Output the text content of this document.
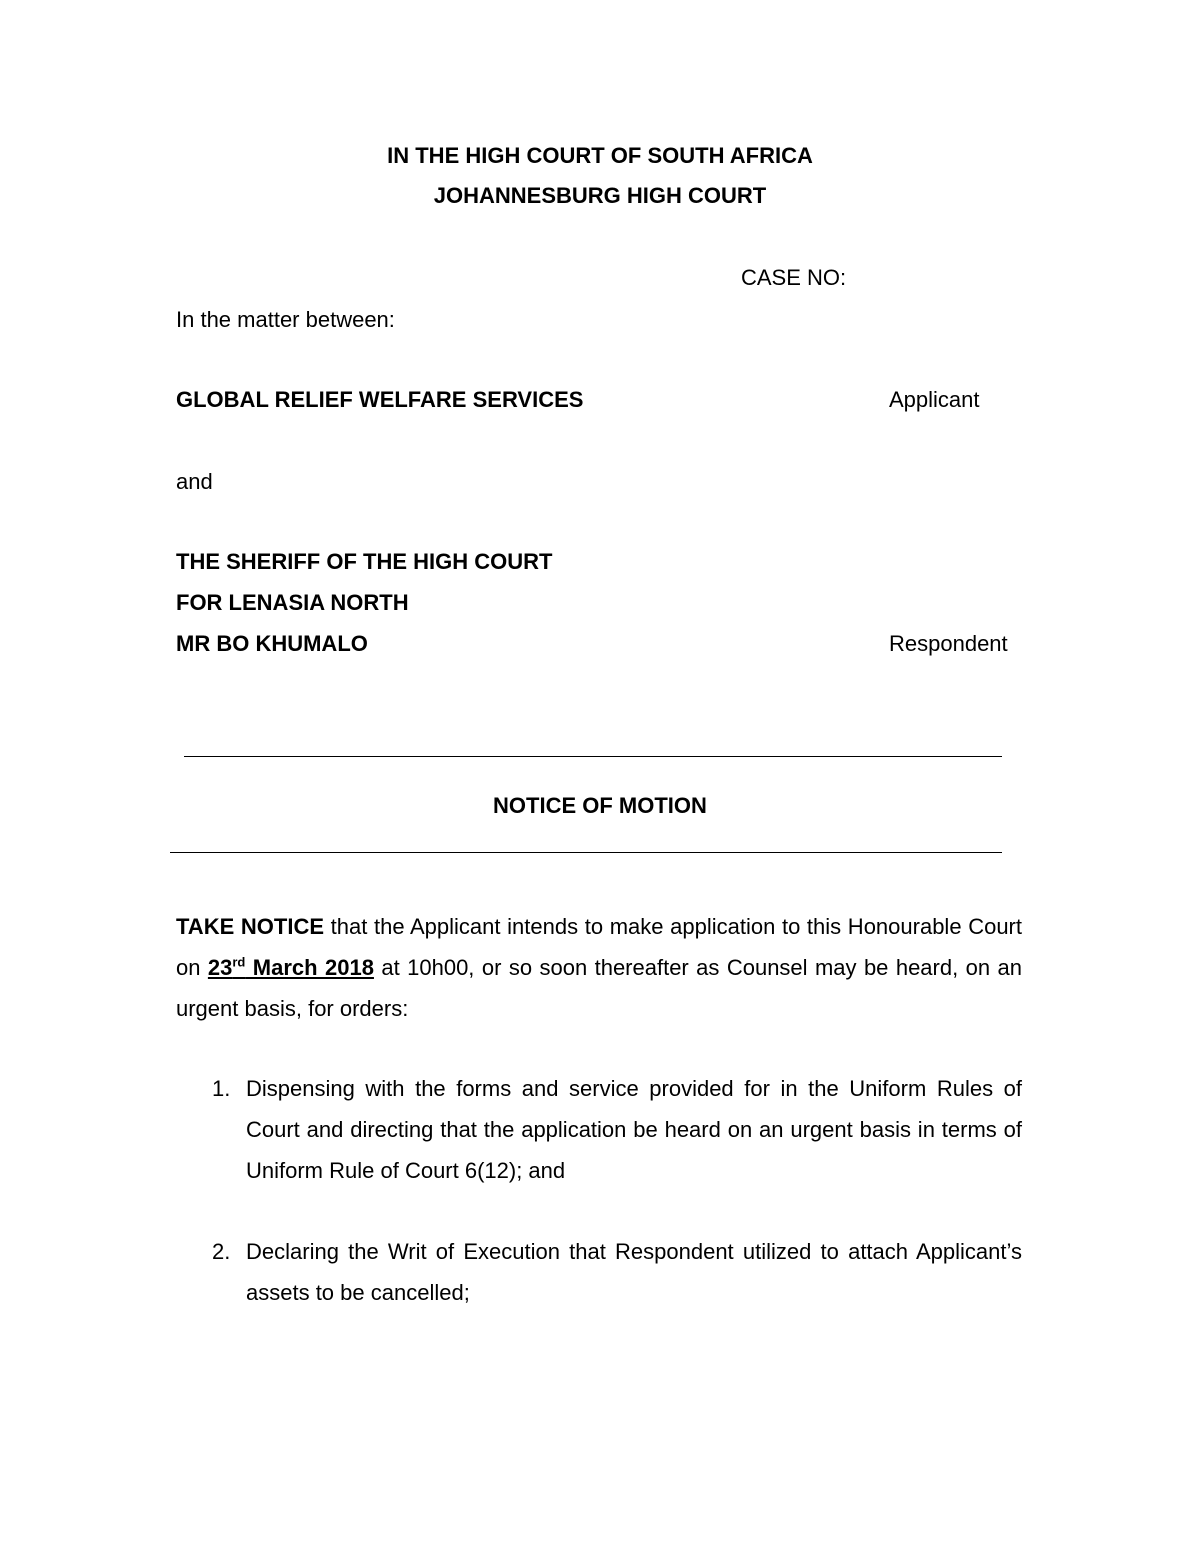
IN THE HIGH COURT OF SOUTH AFRICA
JOHANNESBURG HIGH COURT
CASE NO:
In the matter between:
GLOBAL RELIEF WELFARE SERVICES	Applicant
and
THE SHERIFF OF THE HIGH COURT
FOR LENASIA NORTH
MR BO KHUMALO	Respondent
NOTICE OF MOTION
TAKE NOTICE that the Applicant intends to make application to this Honourable Court on 23rd March 2018 at 10h00, or so soon thereafter as Counsel may be heard, on an urgent basis, for orders:
1. Dispensing with the forms and service provided for in the Uniform Rules of Court and directing that the application be heard on an urgent basis in terms of Uniform Rule of Court 6(12); and
2. Declaring the Writ of Execution that Respondent utilized to attach Applicant’s assets to be cancelled;
